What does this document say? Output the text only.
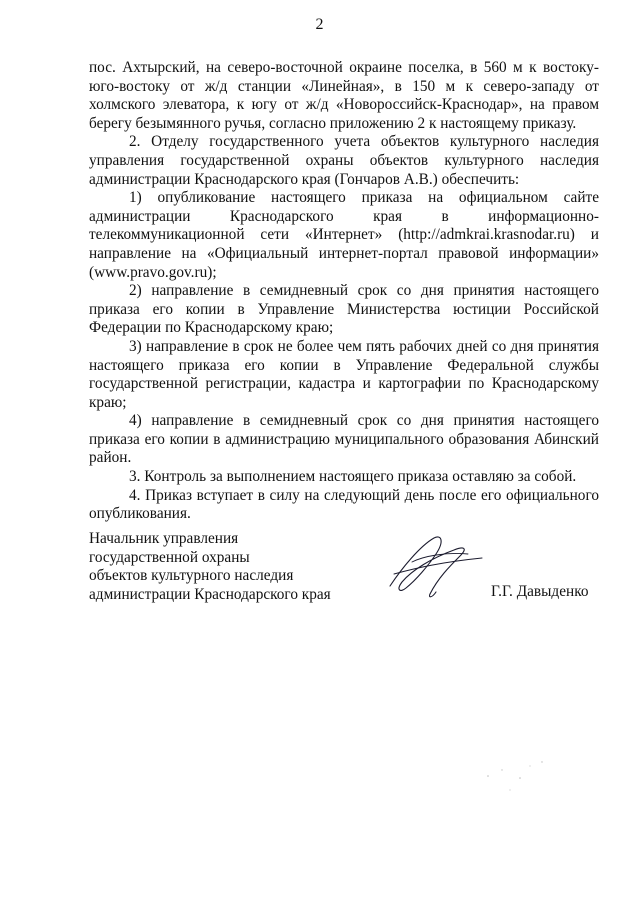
2

пос. Ахтырский, на северо-восточной окраине поселка, в 560 м к востоку-юго-востоку от ж/д станции «Линейная», в 150 м к северо-западу от холмского элеватора, к югу от ж/д «Новороссийск-Краснодар», на правом берегу безымянного ручья, согласно приложению 2 к настоящему приказу.

2. Отделу государственного учета объектов культурного наследия управления государственной охраны объектов культурного наследия администрации Краснодарского края (Гончаров А.В.) обеспечить:

1) опубликование настоящего приказа на официальном сайте администрации Краснодарского края в информационно-телекоммуникационной сети «Интернет» (http://admkrai.krasnodar.ru) и направление на «Официальный интернет-портал правовой информации» (www.pravo.gov.ru);

2) направление в семидневный срок со дня принятия настоящего приказа его копии в Управление Министерства юстиции Российской Федерации по Краснодарскому краю;

3) направление в срок не более чем пять рабочих дней со дня принятия настоящего приказа его копии в Управление Федеральной службы государственной регистрации, кадастра и картографии по Краснодарскому краю;

4) направление в семидневный срок со дня принятия настоящего приказа его копии в администрацию муниципального образования Абинский район.

3. Контроль за выполнением настоящего приказа оставляю за собой.

4. Приказ вступает в силу на следующий день после его официального опубликования.

Начальник управления
государственной охраны
объектов культурного наследия
администрации Краснодарского края	Г.Г. Давыденко
